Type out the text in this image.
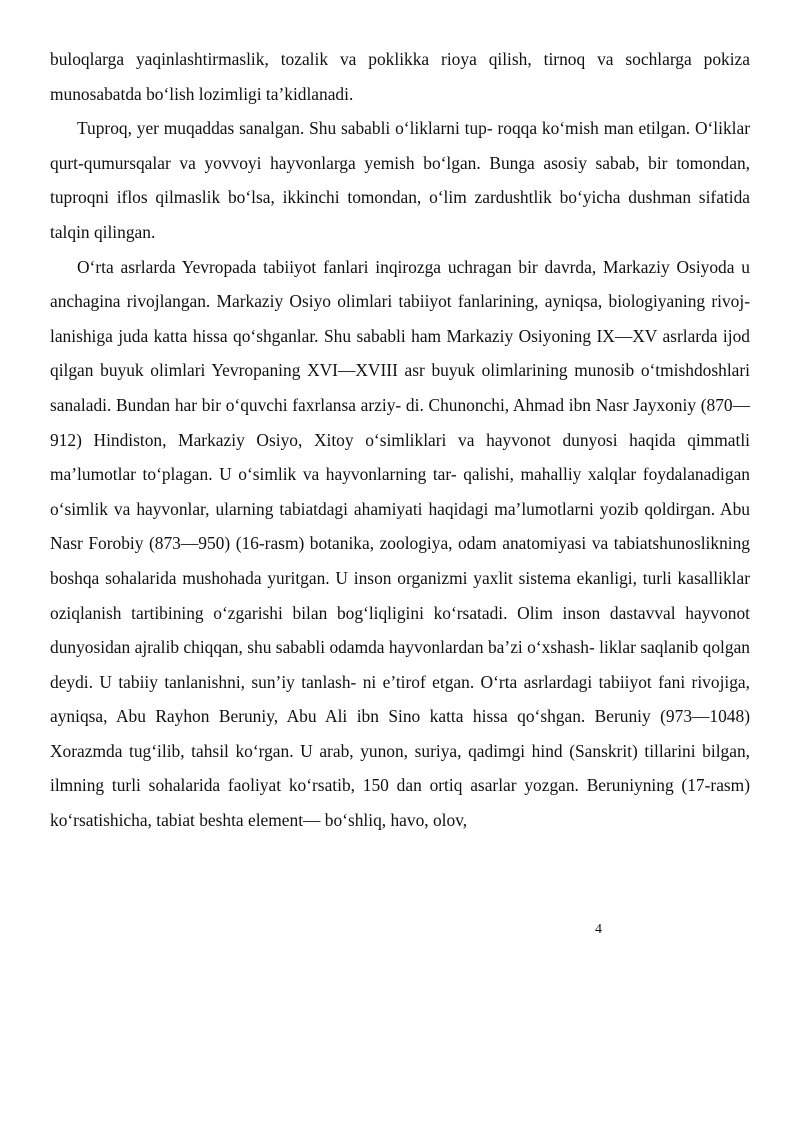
buloqlarga yaqinlashtirmaslik, tozalik va poklikka rioya qilish, tirnoq va sochlarga pokiza munosabatda bo‘lish lozimligi ta’kidlanadi.

Tuproq, yer muqaddas sanalgan. Shu sababli o‘liklarni tup- roqqa ko‘mish man etilgan. O‘liklar qurt-qumursqalar va yovvoyi hayvonlarga yemish bo‘lgan. Bunga asosiy sabab, bir tomondan, tuproqni iflos qilmaslik bo‘lsa, ikkinchi tomondan, o‘lim zardushtlik bo‘yicha dushman sifatida talqin qilingan.

O‘rta asrlarda Yevropada tabiiyot fanlari inqirozga uchragan bir davrda, Markaziy Osiyoda u anchagina rivojlangan. Markaziy Osiyo olimlari tabiiyot fanlarining, ayniqsa, biologiyaning rivoj- lanishiga juda katta hissa qo‘shganlar. Shu sababli ham Markaziy Osiyoning IX—XV asrlarda ijod qilgan buyuk olimlari Yevropaning XVI—XVIII asr buyuk olimlarining munosib o‘tmishdoshlari sanaladi. Bundan har bir o‘quvchi faxrlansa arziy- di. Chunonchi, Ahmad ibn Nasr Jayxoniy (870—912) Hindiston, Markaziy Osiyo, Xitoy o‘simliklari va hayvonot dunyosi haqida qimmatli ma’lumotlar to‘plagan. U o‘simlik va hayvonlarning tar- qalishi, mahalliy xalqlar foydalanadigan o‘simlik va hayvonlar, ularning tabiatdagi ahamiyati haqidagi ma’lumotlarni yozib qoldirgan. Abu Nasr Forobiy (873—950) (16-rasm) botanika, zoologiya, odam anatomiyasi va tabiatshunoslikning boshqa sohalarida mushohada yuritgan. U inson organizmi yaxlit sistema ekanligi, turli kasalliklar oziqlanish tartibining o‘zgarishi bilan bog‘liqligini ko‘rsatadi. Olim inson dastavval hayvonot dunyosidan ajralib chiqqan, shu sababli odamda hayvonlardan ba’zi o‘xshash- liklar saqlanib qolgan deydi. U tabiiy tanlanishni, sun’iy tanlash- ni e’tirof etgan. O‘rta asrlardagi tabiiyot fani rivojiga, ayniqsa, Abu Rayhon Beruniy, Abu Ali ibn Sino katta hissa qo‘shgan. Beruniy (973—1048) Xorazmda tug‘ilib, tahsil ko‘rgan. U arab, yunon, suriya, qadimgi hind (Sanskrit) tillarini bilgan, ilmning turli sohalarida faoliyat ko‘rsatib, 150 dan ortiq asarlar yozgan. Beruniyning (17-rasm) ko‘rsatishicha, tabiat beshta element— bo‘shliq, havo, olov,

4
